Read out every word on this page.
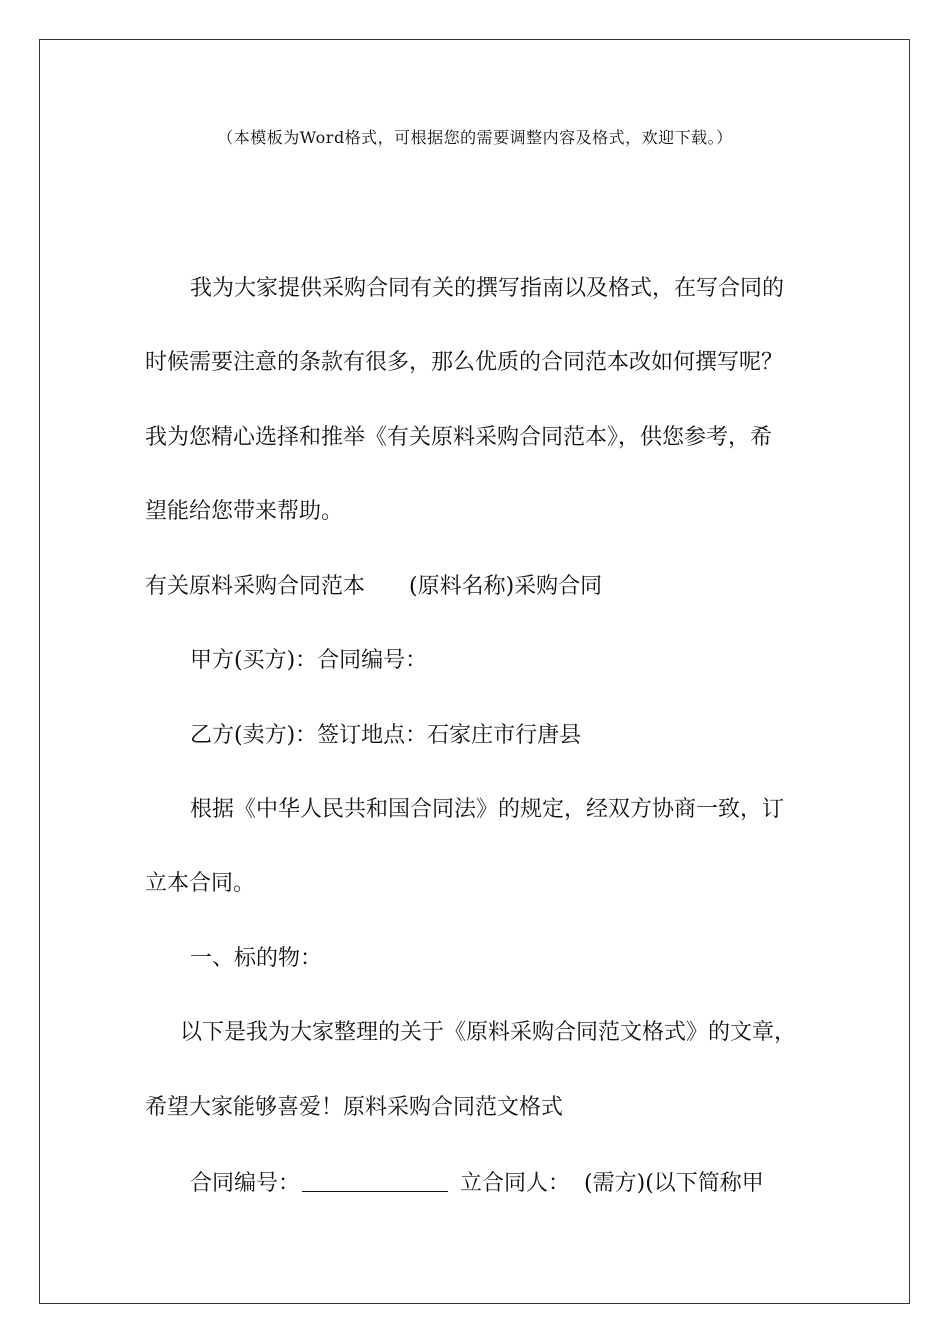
（本模板为Word格式，可根据您的需要调整内容及格式，欢迎下载。）
我为大家提供采购合同有关的撰写指南以及格式，在写合同的
时候需要注意的条款有很多，那么优质的合同范本改如何撰写呢？
我为您精心选择和推举《有关原料采购合同范本》，供您参考，希
望能给您带来帮助。
有关原料采购合同范本 (原料名称)采购合同
甲方(买方)：合同编号：
乙方(卖方)：签订地点：石家庄市行唐县
根据《中华人民共和国合同法》的规定，经双方协商一致，订
立本合同。
一、标的物：
以下是我为大家整理的关于《原料采购合同范文格式》的文章，
希望大家能够喜爱！原料采购合同范文格式
合同编号：	立合同人： (需方)(以下简称甲
